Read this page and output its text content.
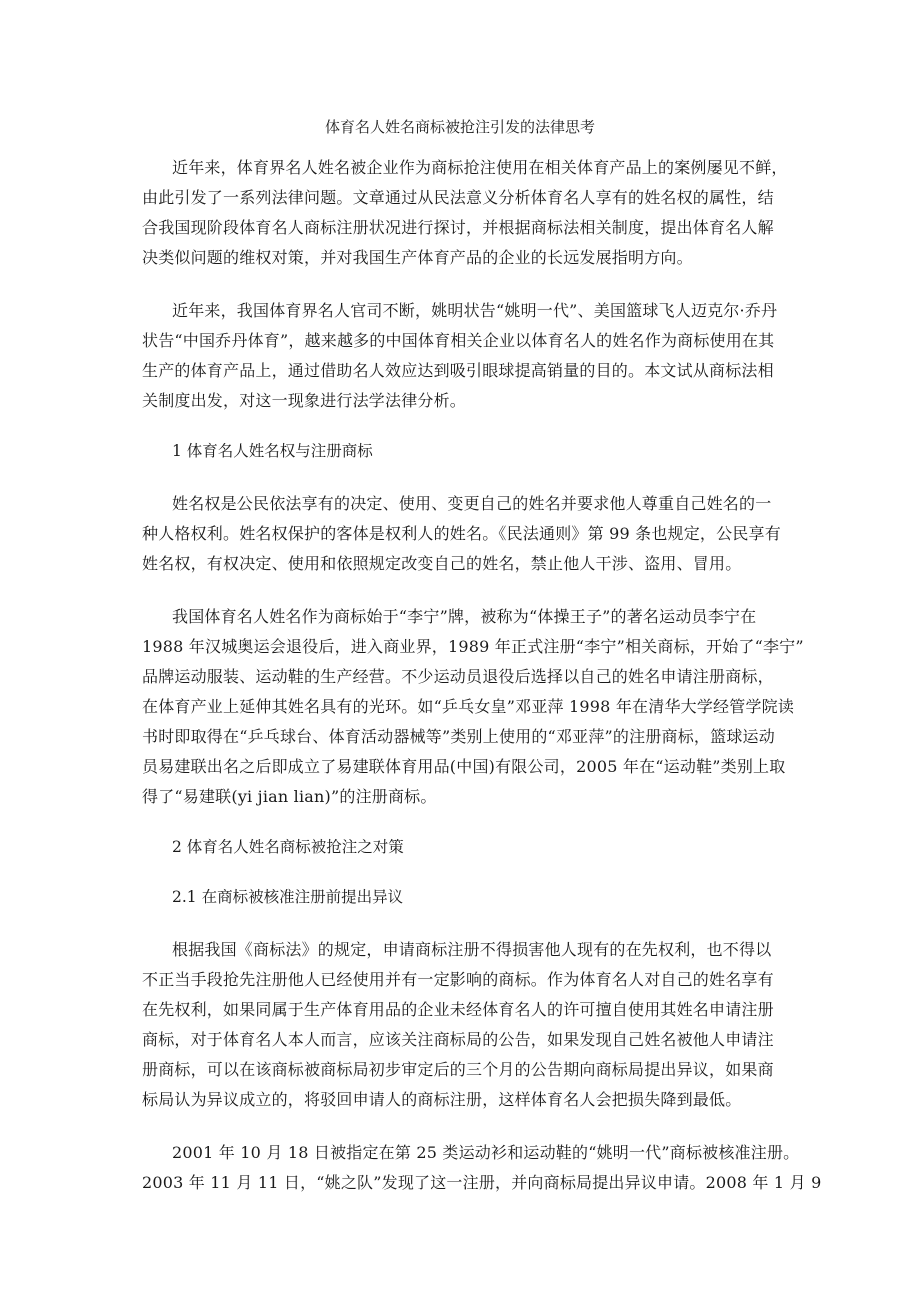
体育名人姓名商标被抢注引发的法律思考
近年来，体育界名人姓名被企业作为商标抢注使用在相关体育产品上的案例屡见不鲜，
由此引发了一系列法律问题。文章通过从民法意义分析体育名人享有的姓名权的属性，结
合我国现阶段体育名人商标注册状况进行探讨，并根据商标法相关制度，提出体育名人解
决类似问题的维权对策，并对我国生产体育产品的企业的长远发展指明方向。
近年来，我国体育界名人官司不断，姚明状告“姚明一代”、美国篮球飞人迈克尔·乔丹
状告“中国乔丹体育”，越来越多的中国体育相关企业以体育名人的姓名作为商标使用在其
生产的体育产品上，通过借助名人效应达到吸引眼球提高销量的目的。本文试从商标法相
关制度出发，对这一现象进行法学法律分析。
1 体育名人姓名权与注册商标
姓名权是公民依法享有的决定、使用、变更自己的姓名并要求他人尊重自己姓名的一
种人格权利。姓名权保护的客体是权利人的姓名。《民法通则》第 99 条也规定，公民享有
姓名权，有权决定、使用和依照规定改变自己的姓名，禁止他人干涉、盗用、冒用。
我国体育名人姓名作为商标始于“李宁”牌，被称为“体操王子”的著名运动员李宁在
1988 年汉城奥运会退役后，进入商业界，1989 年正式注册“李宁”相关商标，开始了“李宁”
品牌运动服装、运动鞋的生产经营。不少运动员退役后选择以自己的姓名申请注册商标，
在体育产业上延伸其姓名具有的光环。如“乒乓女皇”邓亚萍 1998 年在清华大学经管学院读
书时即取得在“乒乓球台、体育活动器械等”类别上使用的“邓亚萍”的注册商标，篮球运动
员易建联出名之后即成立了易建联体育用品(中国)有限公司，2005 年在“运动鞋”类别上取
得了“易建联(yi jian lian)”的注册商标。
2 体育名人姓名商标被抢注之对策
2.1 在商标被核准注册前提出异议
根据我国《商标法》的规定，申请商标注册不得损害他人现有的在先权利，也不得以
不正当手段抢先注册他人已经使用并有一定影响的商标。作为体育名人对自己的姓名享有
在先权利，如果同属于生产体育用品的企业未经体育名人的许可擅自使用其姓名申请注册
商标，对于体育名人本人而言，应该关注商标局的公告，如果发现自己姓名被他人申请注
册商标，可以在该商标被商标局初步审定后的三个月的公告期向商标局提出异议，如果商
标局认为异议成立的，将驳回申请人的商标注册，这样体育名人会把损失降到最低。
2001 年 10 月 18 日被指定在第 25 类运动衫和运动鞋的“姚明一代”商标被核准注册。
2003 年 11 月 11 日，“姚之队”发现了这一注册，并向商标局提出异议申请。2008 年 1 月 9
